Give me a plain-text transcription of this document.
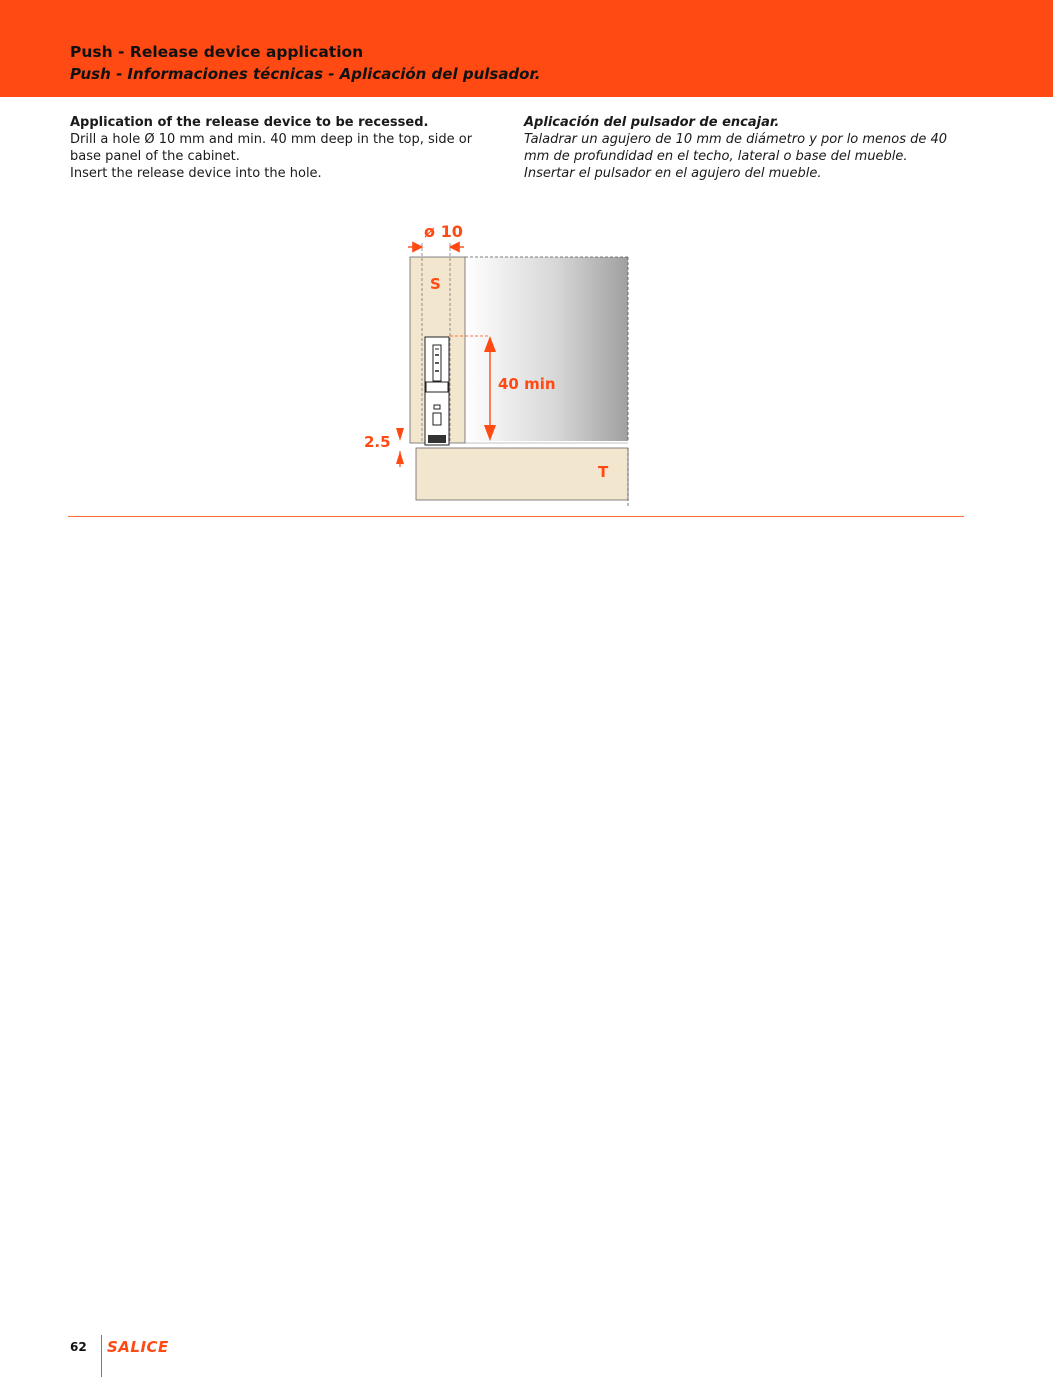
Push - Release device application
Push - Informaciones técnicas - Aplicación del pulsador.
Application of the release device to be recessed.

Drill a hole Ø 10 mm and min. 40 mm deep in the top, side or base panel of the cabinet.

Insert the release device into the hole.

Aplicación del pulsador de encajar.

Taladrar un agujero de 10 mm de diámetro y por lo menos de 40 mm de profundidad en el techo, lateral o base del mueble.

Insertar el pulsador en el agujero del mueble.

ø 10
S
40 min
2.5
T
62 SALICE
